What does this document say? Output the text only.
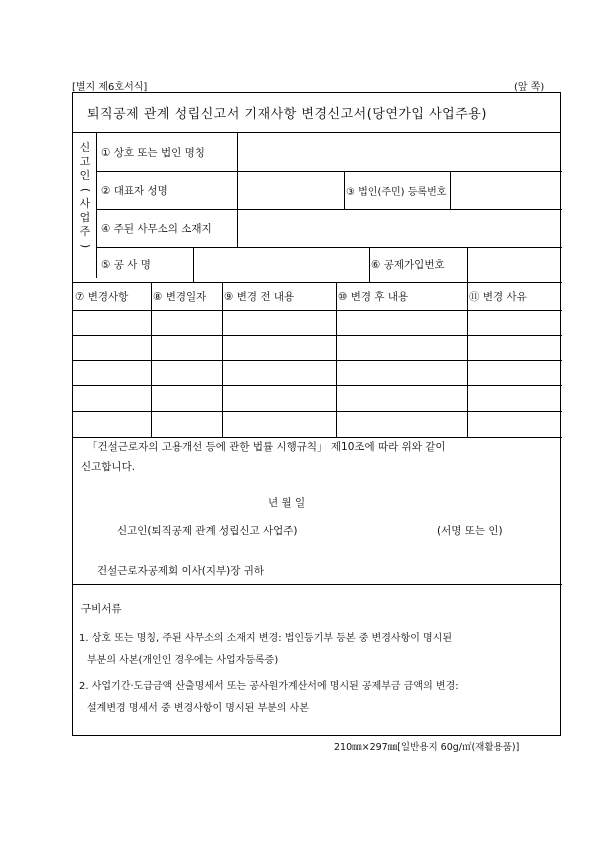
[별지 제6호서식]	(앞 쪽)
퇴직공제 관계 성립신고서 기재사항 변경신고서(당연가입 사업주용)
신
고
인
(
사
업
주
)
① 상호 또는 법인 명칭
② 대표자 성명	③ 법인(주민) 등록번호
④ 주된 사무소의 소재지
⑤ 공 사 명	⑥ 공제가입번호
⑦ 변경사항	⑧ 변경일자	⑨ 변경 전 내용	⑩ 변경 후 내용	⑪ 변경 사유
「건설근로자의 고용개선 등에 관한 법률 시행규칙」 제10조에 따라 위와 같이
신고합니다.
년 월 일
신고인(퇴직공제 관계 성립신고 사업주)	(서명 또는 인)
건설근로자공제회 이사(지부)장 귀하
구비서류
1. 상호 또는 명칭, 주된 사무소의 소재지 변경: 법인등기부 등본 중 변경사항이 명시된
부분의 사본(개인인 경우에는 사업자등록증)
2. 사업기간·도급금액 산출명세서 또는 공사원가계산서에 명시된 공제부금 금액의 변경:
설계변경 명세서 중 변경사항이 명시된 부분의 사본
210㎜×297㎜[일반용지 60g/㎡(재활용품)]
